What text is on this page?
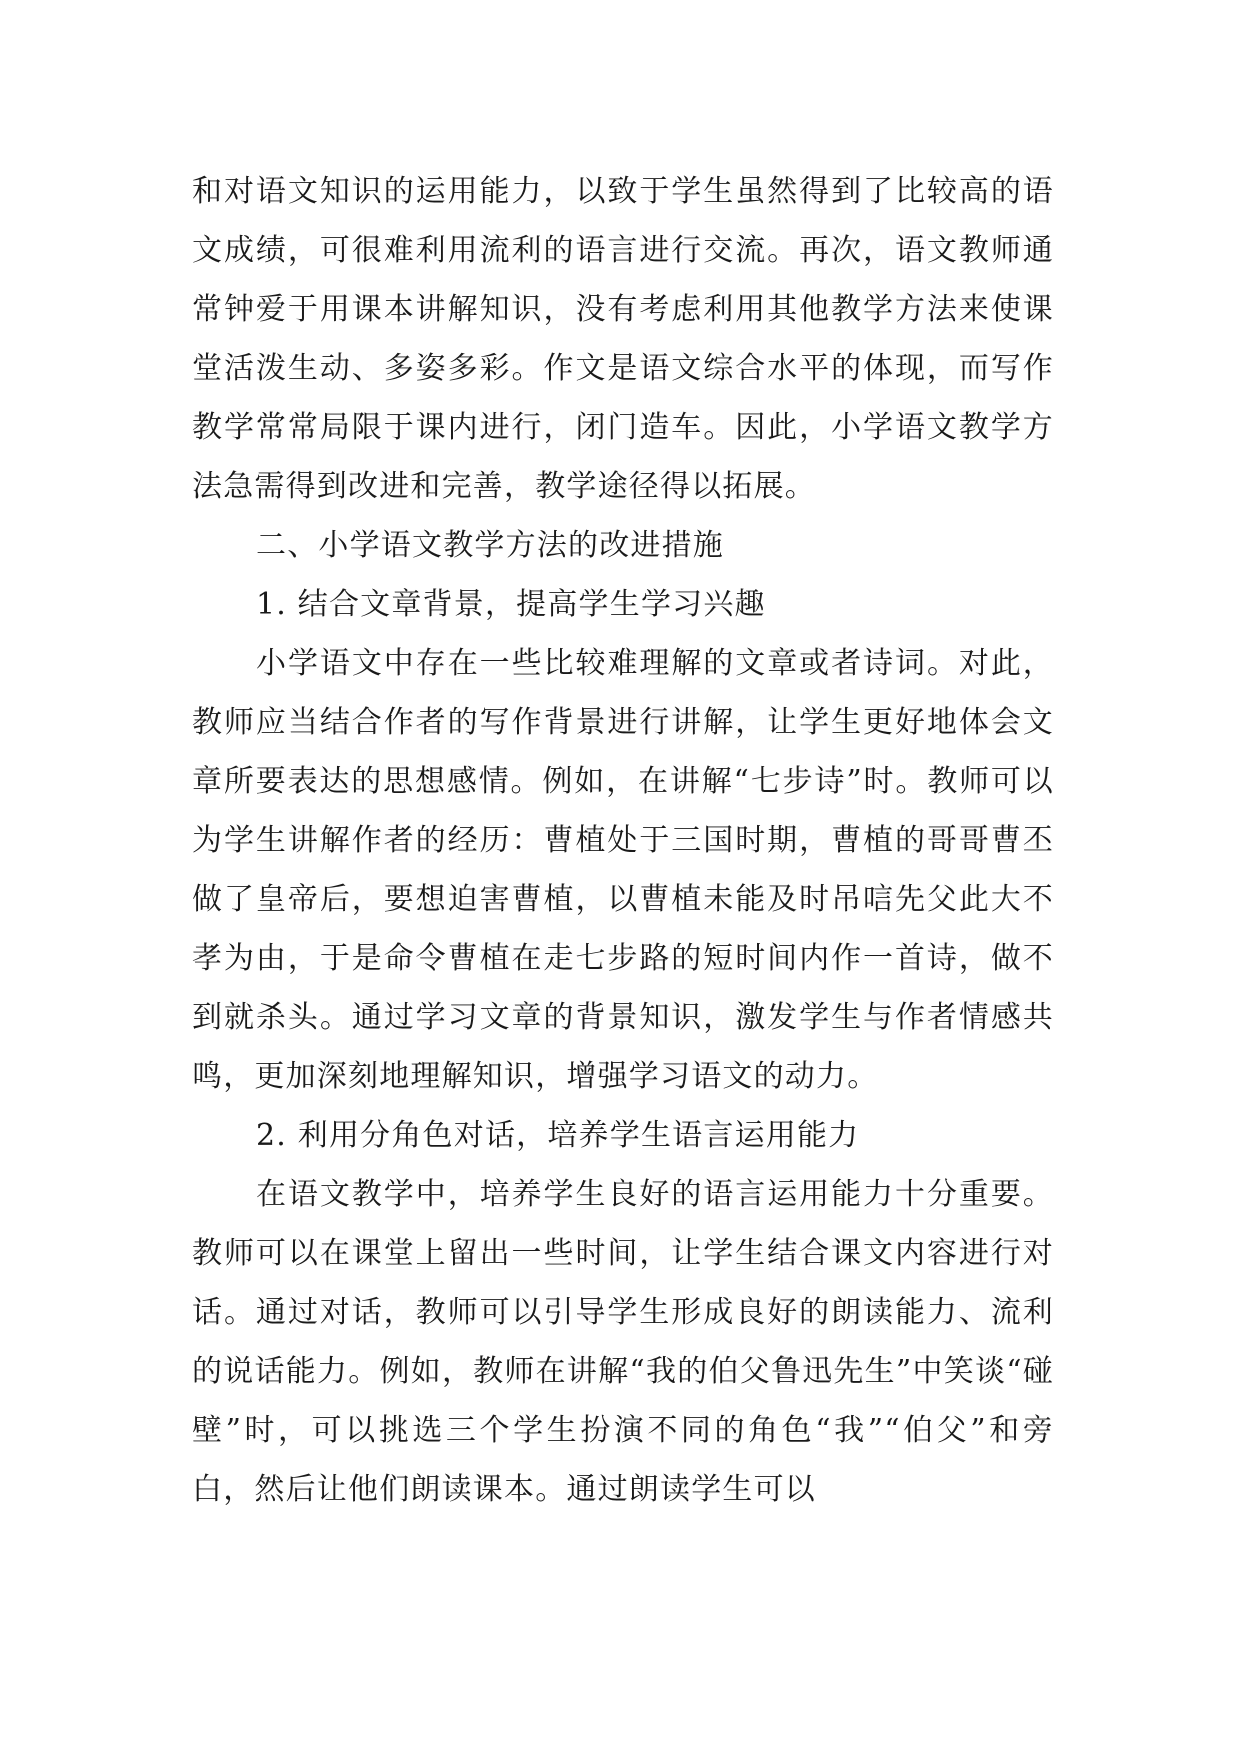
和对语文知识的运用能力，以致于学生虽然得到了比较高的语文成绩，可很难利用流利的语言进行交流。再次，语文教师通常钟爱于用课本讲解知识，没有考虑利用其他教学方法来使课堂活泼生动、多姿多彩。作文是语文综合水平的体现，而写作教学常常局限于课内进行，闭门造车。因此，小学语文教学方法急需得到改进和完善，教学途径得以拓展。

二、小学语文教学方法的改进措施

1. 结合文章背景，提高学生学习兴趣

小学语文中存在一些比较难理解的文章或者诗词。对此，教师应当结合作者的写作背景进行讲解，让学生更好地体会文章所要表达的思想感情。例如，在讲解“七步诗”时。教师可以为学生讲解作者的经历：曹植处于三国时期，曹植的哥哥曹丕做了皇帝后，要想迫害曹植，以曹植未能及时吊唁先父此大不孝为由，于是命令曹植在走七步路的短时间内作一首诗，做不到就杀头。通过学习文章的背景知识，激发学生与作者情感共鸣，更加深刻地理解知识，增强学习语文的动力。

2. 利用分角色对话，培养学生语言运用能力

在语文教学中，培养学生良好的语言运用能力十分重要。教师可以在课堂上留出一些时间，让学生结合课文内容进行对话。通过对话，教师可以引导学生形成良好的朗读能力、流利的说话能力。例如，教师在讲解“我的伯父鲁迅先生”中笑谈“碰壁”时，可以挑选三个学生扮演不同的角色“我”“伯父”和旁白，然后让他们朗读课本。通过朗读学生可以
